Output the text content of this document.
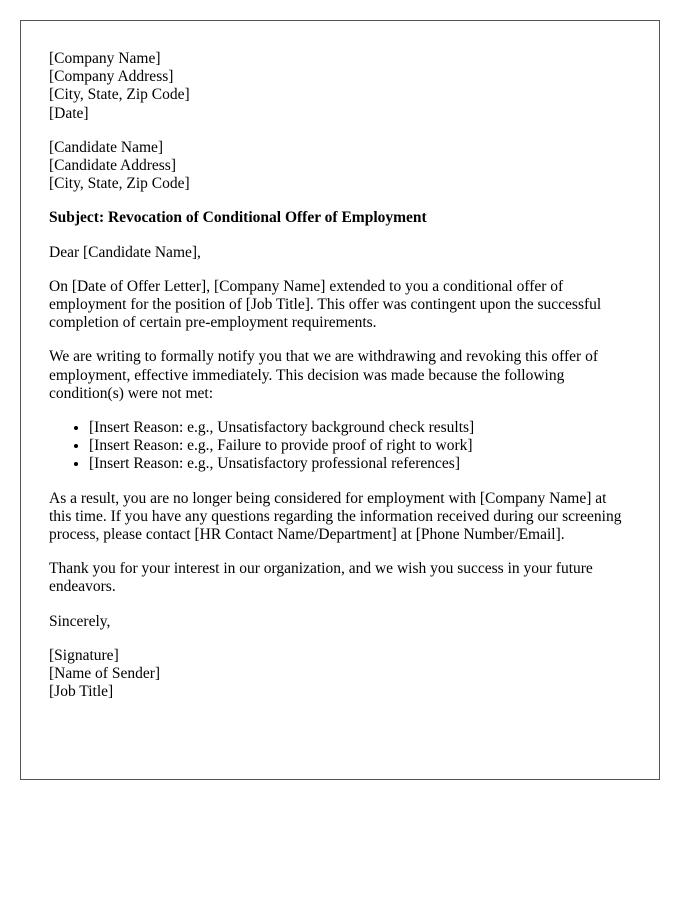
[Company Name]
[Company Address]
[City, State, Zip Code]
[Date]
[Candidate Name]
[Candidate Address]
[City, State, Zip Code]

Subject: Revocation of Conditional Offer of Employment

Dear [Candidate Name],

On [Date of Offer Letter], [Company Name] extended to you a conditional offer of employment for the position of [Job Title]. This offer was contingent upon the successful completion of certain pre-employment requirements.

We are writing to formally notify you that we are withdrawing and revoking this offer of employment, effective immediately. This decision was made because the following condition(s) were not met:

• [Insert Reason: e.g., Unsatisfactory background check results]
• [Insert Reason: e.g., Failure to provide proof of right to work]
• [Insert Reason: e.g., Unsatisfactory professional references]

As a result, you are no longer being considered for employment with [Company Name] at this time. If you have any questions regarding the information received during our screening process, please contact [HR Contact Name/Department] at [Phone Number/Email].

Thank you for your interest in our organization, and we wish you success in your future endeavors.

Sincerely,

[Signature]
[Name of Sender]
[Job Title]
